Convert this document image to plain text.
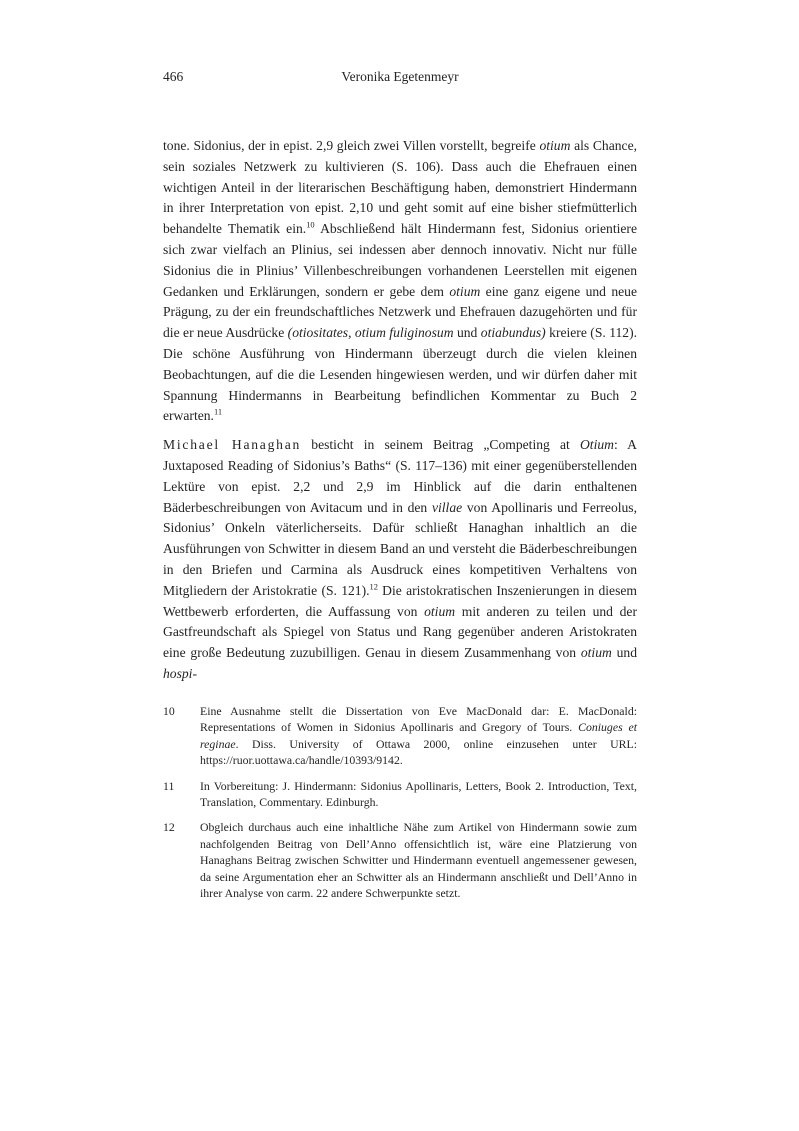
466	Veronika Egetenmeyr

tone. Sidonius, der in epist. 2,9 gleich zwei Villen vorstellt, begreife otium als Chance, sein soziales Netzwerk zu kultivieren (S. 106). Dass auch die Ehefrauen einen wichtigen Anteil in der literarischen Beschäftigung haben, demonstriert Hindermann in ihrer Interpretation von epist. 2,10 und geht somit auf eine bisher stiefmütterlich behandelte Thematik ein.$^{10}$ Abschließend hält Hindermann fest, Sidonius orientiere sich zwar vielfach an Plinius, sei indessen aber dennoch innovativ. Nicht nur fülle Sidonius die in Plinius’ Villenbeschreibungen vorhandenen Leerstellen mit eigenen Gedanken und Erklärungen, sondern er gebe dem otium eine ganz eigene und neue Prägung, zu der ein freundschaftliches Netzwerk und Ehefrauen dazugehörten und für die er neue Ausdrücke (otiositates, otium fuliginosum und otiabundus) kreiere (S. 112). Die schöne Ausführung von Hindermann überzeugt durch die vielen kleinen Beobachtungen, auf die die Lesenden hingewiesen werden, und wir dürfen daher mit Spannung Hindermanns in Bearbeitung befindlichen Kommentar zu Buch 2 erwarten.$^{11}$

Michael Hanaghan besticht in seinem Beitrag „Competing at Otium: A Juxtaposed Reading of Sidonius’s Baths“ (S. 117–136) mit einer gegenüberstellenden Lektüre von epist. 2,2 und 2,9 im Hinblick auf die darin enthaltenen Bäderbeschreibungen von Avitacum und in den villae von Apollinaris und Ferreolus, Sidonius’ Onkeln väterlicherseits. Dafür schließt Hanaghan inhaltlich an die Ausführungen von Schwitter in diesem Band an und versteht die Bäderbeschreibungen in den Briefen und Carmina als Ausdruck eines kompetitiven Verhaltens von Mitgliedern der Aristokratie (S. 121).$^{12}$ Die aristokratischen Inszenierungen in diesem Wettbewerb erforderten, die Auffassung von otium mit anderen zu teilen und der Gastfreundschaft als Spiegel von Status und Rang gegenüber anderen Aristokraten eine große Bedeutung zuzubilligen. Genau in diesem Zusammenhang von otium und hospi-

10	Eine Ausnahme stellt die Dissertation von Eve MacDonald dar: E. MacDonald: Representations of Women in Sidonius Apollinaris and Gregory of Tours. Coniuges et reginae. Diss. University of Ottawa 2000, online einzusehen unter URL: https://ruor.uottawa.ca/handle/10393/9142.
11	In Vorbereitung: J. Hindermann: Sidonius Apollinaris, Letters, Book 2. Introduction, Text, Translation, Commentary. Edinburgh.
12	Obgleich durchaus auch eine inhaltliche Nähe zum Artikel von Hindermann sowie zum nachfolgenden Beitrag von Dell’Anno offensichtlich ist, wäre eine Platzierung von Hanaghans Beitrag zwischen Schwitter und Hindermann eventuell angemessener gewesen, da seine Argumentation eher an Schwitter als an Hindermann anschließt und Dell’Anno in ihrer Analyse von carm. 22 andere Schwerpunkte setzt.
